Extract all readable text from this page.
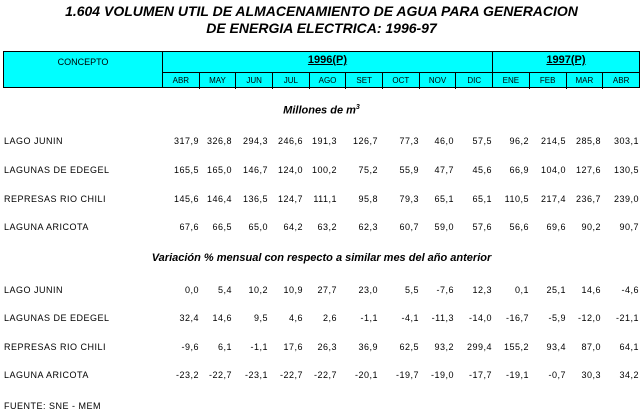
1.604 VOLUMEN UTIL DE ALMACENAMIENTO DE AGUA PARA GENERACION
DE ENERGIA ELECTRICA: 1996-97
CONCEPTO	1996(P)
ABR	MAY	JUN	JUL	AGO	SET	OCT	NOV	DIC
1997(P)
ENE	FEB	MAR	ABR
Millones de $m^3$
LAGO JUNIN	317,9 326,8	294,3	246,6 191,3	126,7	77,3	46,0	57,5	96,2	214,5	285,8	303,1
LAGUNAS DE EDEGEL	165,5 165,0	146,7	124,0 100,2	75,2	55,9	47,7	45,6	66,9	104,0	127,6	130,5
REPRESAS RIO CHILI	145,6 146,4	136,5	124,7	111,1	95,8	79,3	65,1	65,1	110,5	217,4	236,7	239,0
LAGUNA ARICOTA	67,6	66,5	65,0	64,2	63,2	62,3	60,7	59,0	57,6	56,6	69,6	90,2	90,7
Variación % mensual con respecto a similar mes del año anterior
LAGO JUNIN	0,0	5,4	10,2	10,9	27,7	23,0	5,5	-7,6	12,3	0,1	25,1	14,6	-4,6
LAGUNAS DE EDEGEL	32,4	14,6	9,5	4,6	2,6	-1,1	-4,1	-11,3	-14,0	-16,7	-5,9	-12,0	-21,1
REPRESAS RIO CHILI	-9,6	6,1	-1,1	17,6	26,3	36,9	62,5	93,2	299,4	155,2	93,4	87,0	64,1
LAGUNA ARICOTA	-23,2	-22,7	-23,1	-22,7	-22,7	-20,1	-19,7	-19,0	-17,7	-19,1	-0,7	30,3	34,2
FUENTE: SNE - MEM
